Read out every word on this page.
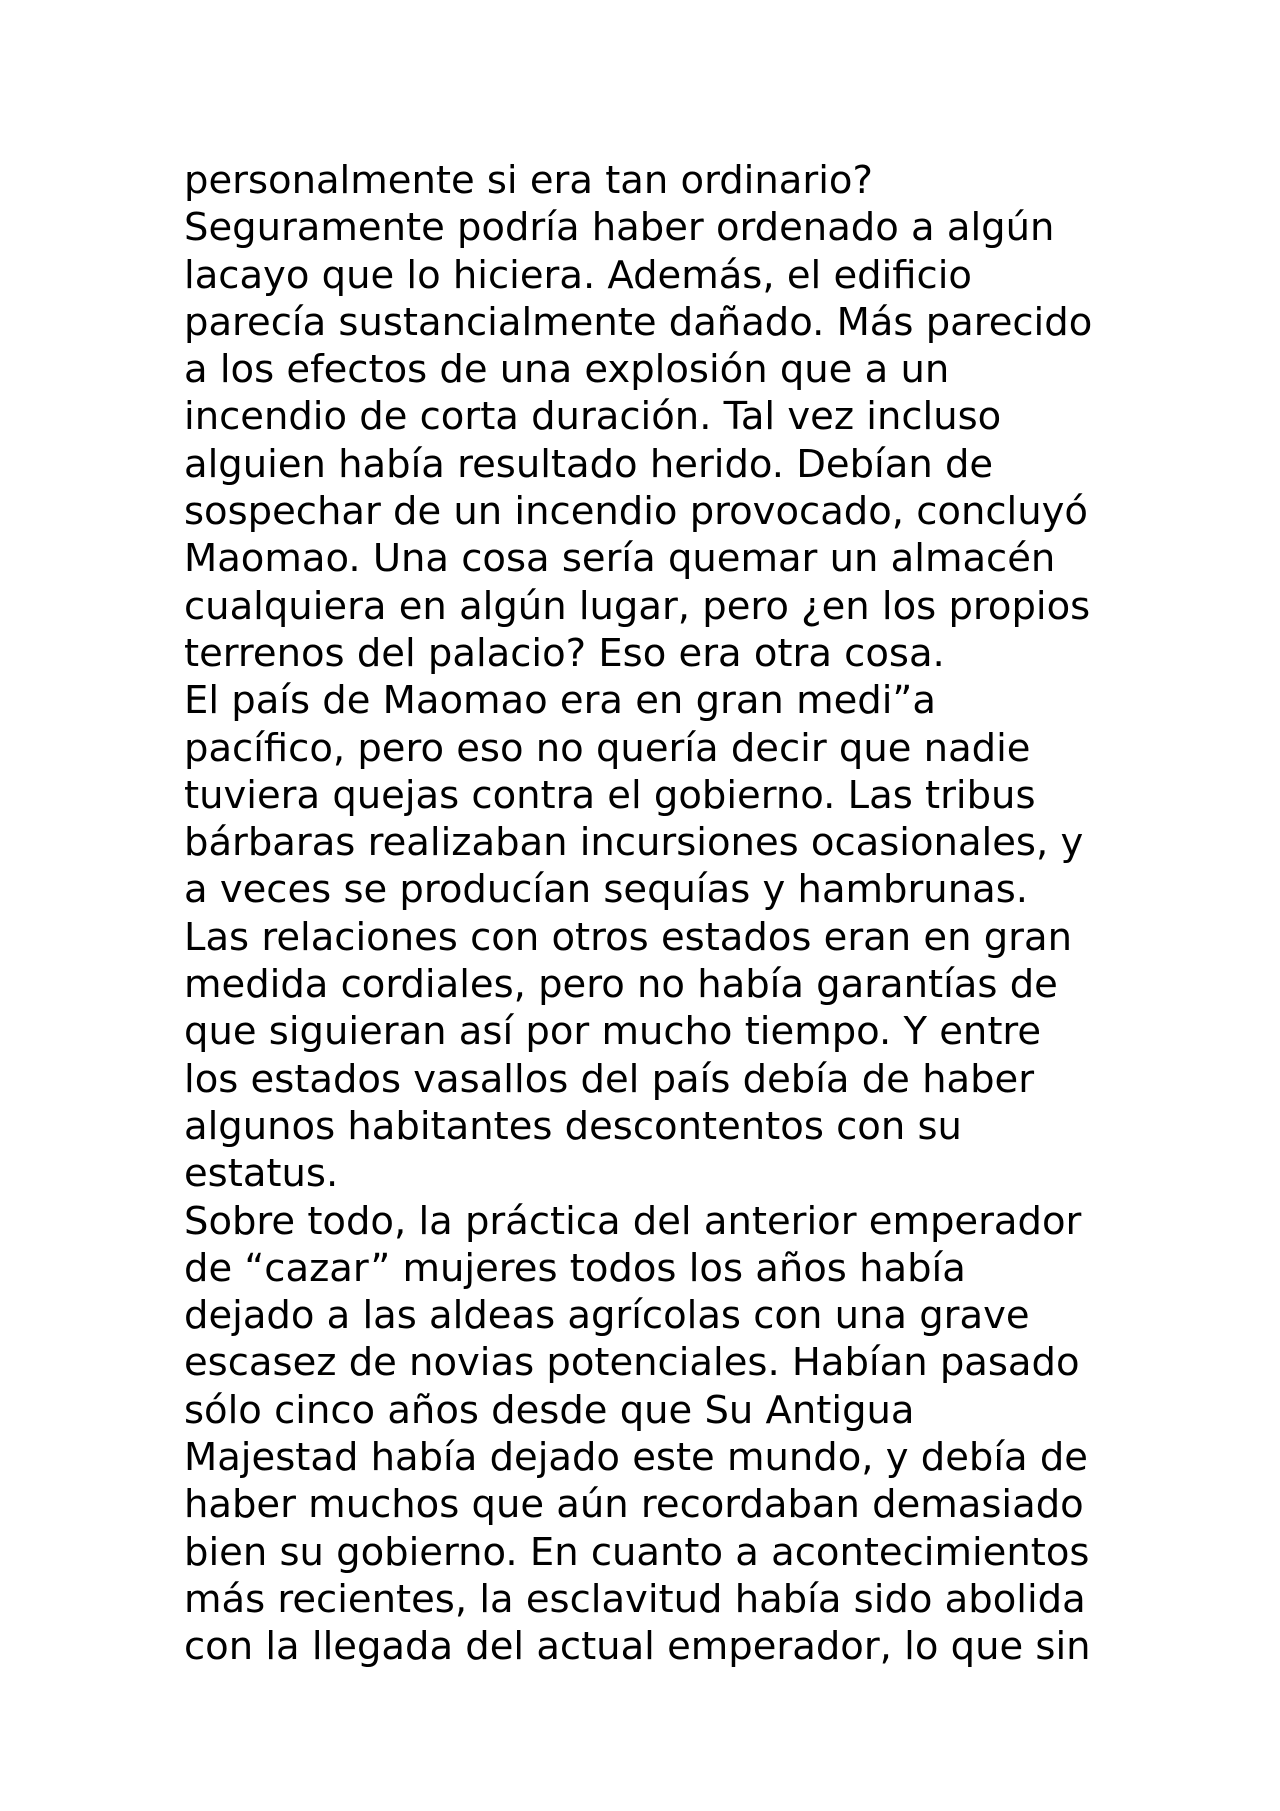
personalmente si era tan ordinario?
Seguramente podría haber ordenado a algún
lacayo que lo hiciera. Además, el edificio
parecía sustancialmente dañado. Más parecido
a los efectos de una explosión que a un
incendio de corta duración. Tal vez incluso
alguien había resultado herido. Debían de
sospechar de un incendio provocado, concluyó
Maomao. Una cosa sería quemar un almacén
cualquiera en algún lugar, pero ¿en los propios
terrenos del palacio? Eso era otra cosa.
El país de Maomao era en gran medi”a
pacífico, pero eso no quería decir que nadie
tuviera quejas contra el gobierno. Las tribus
bárbaras realizaban incursiones ocasionales, y
a veces se producían sequías y hambrunas.
Las relaciones con otros estados eran en gran
medida cordiales, pero no había garantías de
que siguieran así por mucho tiempo. Y entre
los estados vasallos del país debía de haber
algunos habitantes descontentos con su
estatus.
Sobre todo, la práctica del anterior emperador
de “cazar” mujeres todos los años había
dejado a las aldeas agrícolas con una grave
escasez de novias potenciales. Habían pasado
sólo cinco años desde que Su Antigua
Majestad había dejado este mundo, y debía de
haber muchos que aún recordaban demasiado
bien su gobierno. En cuanto a acontecimientos
más recientes, la esclavitud había sido abolida
con la llegada del actual emperador, lo que sin
